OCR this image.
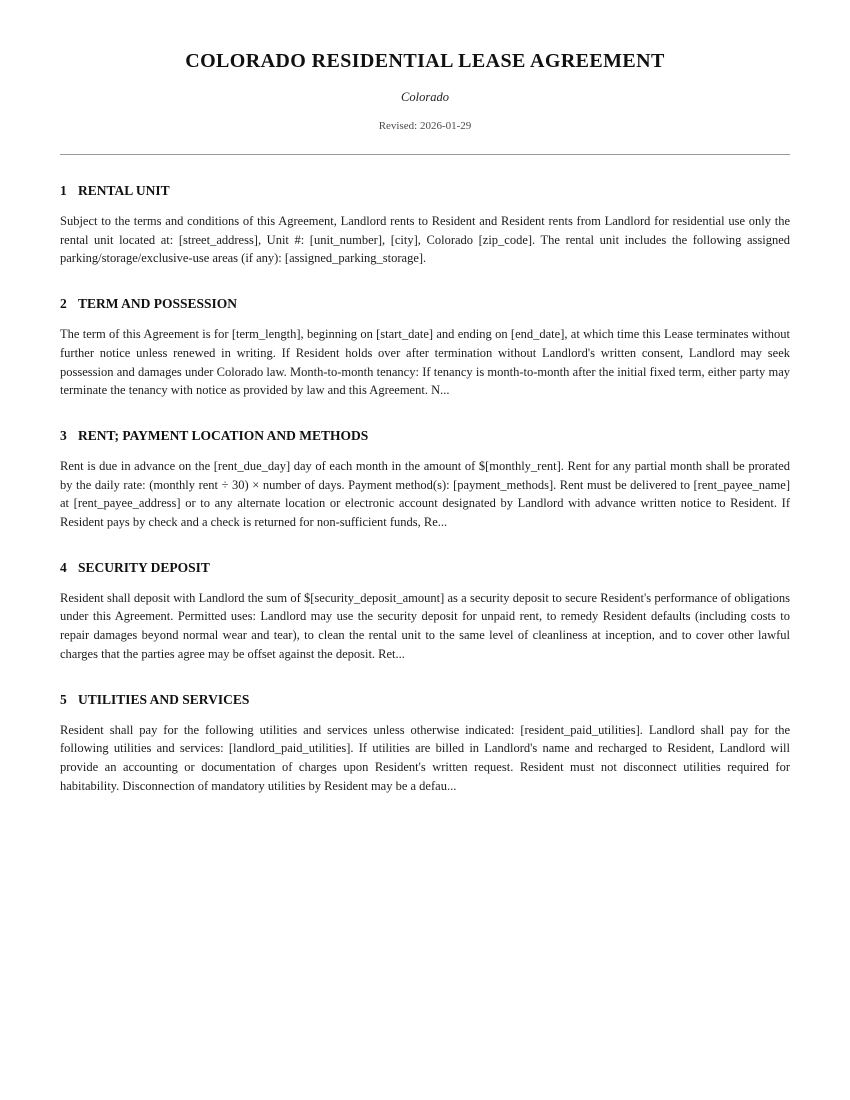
COLORADO RESIDENTIAL LEASE AGREEMENT

Colorado

Revised: 2026-01-29

1 RENTAL UNIT

Subject to the terms and conditions of this Agreement, Landlord rents to Resident and Resident rents from Landlord for residential use only the rental unit located at: [street_address], Unit #: [unit_number], [city], Colorado [zip_code]. The rental unit includes the following assigned parking/storage/exclusive-use areas (if any): [assigned_parking_storage].

2 TERM AND POSSESSION

The term of this Agreement is for [term_length], beginning on [start_date] and ending on [end_date], at which time this Lease terminates without further notice unless renewed in writing. If Resident holds over after termination without Landlord's written consent, Landlord may seek possession and damages under Colorado law. Month-to-month tenancy: If tenancy is month-to-month after the initial fixed term, either party may terminate the tenancy with notice as provided by law and this Agreement. N...

3 RENT; PAYMENT LOCATION AND METHODS

Rent is due in advance on the [rent_due_day] day of each month in the amount of $[monthly_rent]. Rent for any partial month shall be prorated by the daily rate: (monthly rent ÷ 30) × number of days. Payment method(s): [payment_methods]. Rent must be delivered to [rent_payee_name] at [rent_payee_address] or to any alternate location or electronic account designated by Landlord with advance written notice to Resident. If Resident pays by check and a check is returned for non-sufficient funds, Re...

4 SECURITY DEPOSIT

Resident shall deposit with Landlord the sum of $[security_deposit_amount] as a security deposit to secure Resident's performance of obligations under this Agreement. Permitted uses: Landlord may use the security deposit for unpaid rent, to remedy Resident defaults (including costs to repair damages beyond normal wear and tear), to clean the rental unit to the same level of cleanliness at inception, and to cover other lawful charges that the parties agree may be offset against the deposit. Ret...

5 UTILITIES AND SERVICES

Resident shall pay for the following utilities and services unless otherwise indicated: [resident_paid_utilities]. Landlord shall pay for the following utilities and services: [landlord_paid_utilities]. If utilities are billed in Landlord's name and recharged to Resident, Landlord will provide an accounting or documentation of charges upon Resident's written request. Resident must not disconnect utilities required for habitability. Disconnection of mandatory utilities by Resident may be a defau...
